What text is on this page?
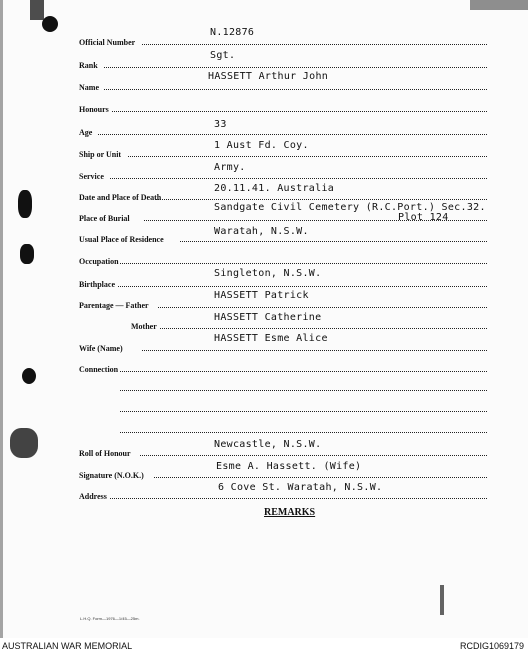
Official Number
N.12876
Rank
Sgt.
Name
HASSETT Arthur John
Honours
Age
33
Ship or Unit
1 Aust Fd. Coy.
Service
Army.
Date and Place of Death
20.11.41. Australia
Place of Burial
Sandgate Civil Cemetery (R.C.Port.) Sec.32.
Plot 124
Usual Place of Residence
Waratah, N.S.W.
Occupation
Birthplace
Singleton, N.S.W.
Parentage — Father
HASSETT Patrick
Mother
HASSETT Catherine
Wife (Name)
HASSETT Esme Alice
Connection
Roll of Honour
Newcastle, N.S.W.
Signature (N.O.K.)
Esme A. Hassett. (Wife)
Address
6 Cove St. Waratah, N.S.W.
REMARKS
L.H.Q. Form—1976—1/45—25m.
AUSTRALIAN WAR MEMORIAL	RCDIG1069179
